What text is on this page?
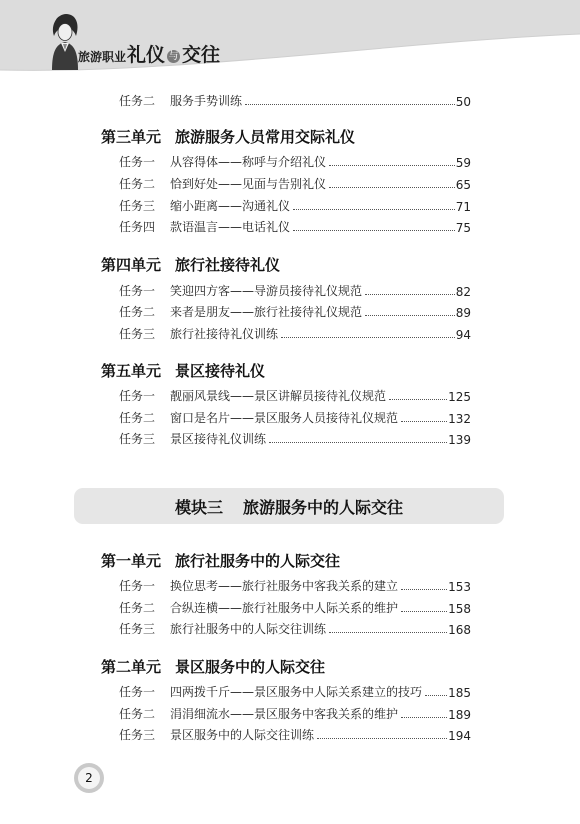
旅游职业 礼仪 与 交往
任务二	服务手势训练	50
第三单元 旅游服务人员常用交际礼仪
任务一	从容得体——称呼与介绍礼仪	59
任务二	恰到好处——见面与告别礼仪	65
任务三	缩小距离——沟通礼仪	71
任务四	款语温言——电话礼仪	75
第四单元 旅行社接待礼仪
任务一	笑迎四方客——导游员接待礼仪规范	82
任务二	来者是朋友——旅行社接待礼仪规范	89
任务三	旅行社接待礼仪训练	94
第五单元 景区接待礼仪
任务一	靓丽风景线——景区讲解员接待礼仪规范	125
任务二	窗口是名片——景区服务人员接待礼仪规范	132
任务三	景区接待礼仪训练	139
模块三 旅游服务中的人际交往
第一单元 旅行社服务中的人际交往
任务一	换位思考——旅行社服务中客我关系的建立	153
任务二	合纵连横——旅行社服务中人际关系的维护	158
任务三	旅行社服务中的人际交往训练	168
第二单元 景区服务中的人际交往
任务一	四两拨千斤——景区服务中人际关系建立的技巧 185
任务二	涓涓细流水——景区服务中客我关系的维护	189
任务三	景区服务中的人际交往训练	194
2
